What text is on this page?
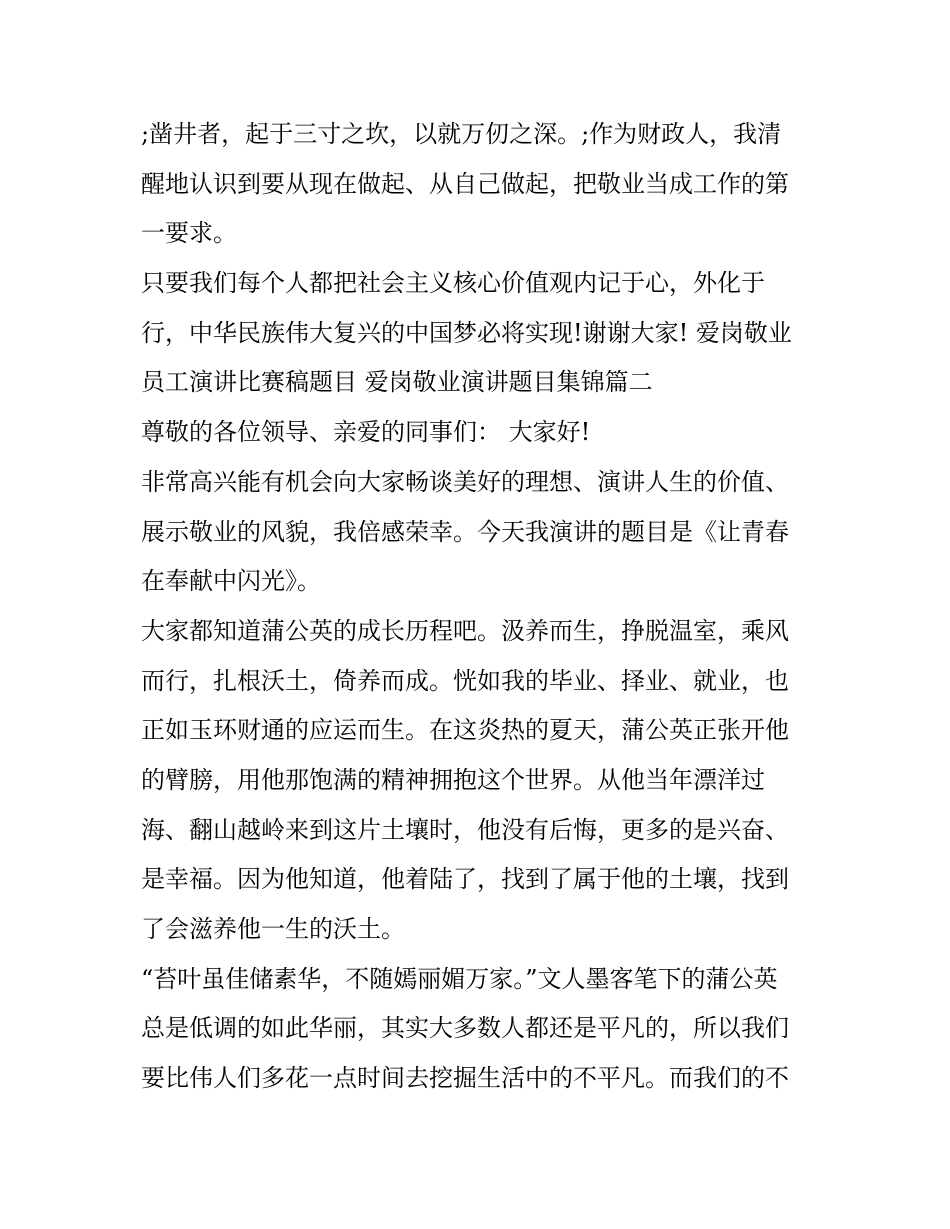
;凿井者，起于三寸之坎，以就万仞之深。;作为财政人，我清
醒地认识到要从现在做起、从自己做起，把敬业当成工作的第
一要求。
只要我们每个人都把社会主义核心价值观内记于心，外化于
行，中华民族伟大复兴的中国梦必将实现!谢谢大家! 爱岗敬业
员工演讲比赛稿题目 爱岗敬业演讲题目集锦篇二
尊敬的各位领导、亲爱的同事们： 大家好!
非常高兴能有机会向大家畅谈美好的理想、演讲人生的价值、
展示敬业的风貌，我倍感荣幸。今天我演讲的题目是《让青春
在奉献中闪光》。
大家都知道蒲公英的成长历程吧。汲养而生，挣脱温室，乘风
而行，扎根沃土，倚养而成。恍如我的毕业、择业、就业，也
正如玉环财通的应运而生。在这炎热的夏天，蒲公英正张开他
的臂膀，用他那饱满的精神拥抱这个世界。从他当年漂洋过
海、翻山越岭来到这片土壤时，他没有后悔，更多的是兴奋、
是幸福。因为他知道，他着陆了，找到了属于他的土壤，找到
了会滋养他一生的沃土。
“苔叶虽佳储素华，不随嫣丽媚万家。”文人墨客笔下的蒲公英
总是低调的如此华丽，其实大多数人都还是平凡的，所以我们
要比伟人们多花一点时间去挖掘生活中的不平凡。而我们的不
